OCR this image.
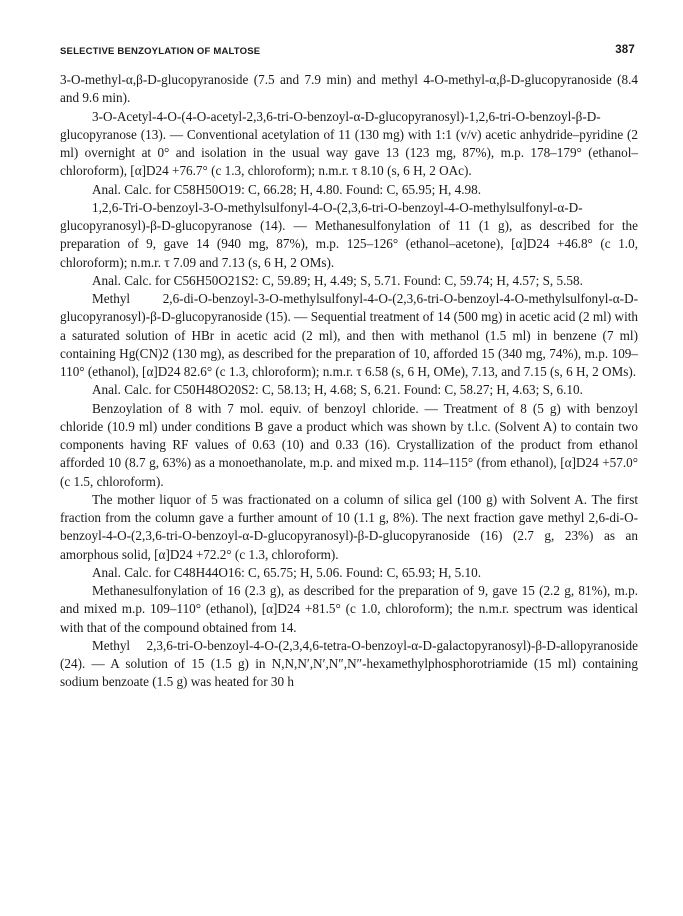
SELECTIVE BENZOYLATION OF MALTOSE	387

3-O-methyl-α,β-D-glucopyranoside (7.5 and 7.9 min) and methyl 4-O-methyl-α,β-D-glucopyranoside (8.4 and 9.6 min).

3-O-Acetyl-4-O-(4-O-acetyl-2,3,6-tri-O-benzoyl-α-D-glucopyranosyl)-1,2,6-tri-O-benzoyl-β-D-glucopyranose (13). — Conventional acetylation of 11 (130 mg) with 1:1 (v/v) acetic anhydride–pyridine (2 ml) overnight at 0° and isolation in the usual way gave 13 (123 mg, 87%), m.p. 178–179° (ethanol–chloroform), [α]D24 +76.7° (c 1.3, chloroform); n.m.r. τ 8.10 (s, 6 H, 2 OAc).

Anal. Calc. for C58H50O19: C, 66.28; H, 4.80. Found: C, 65.95; H, 4.98.

1,2,6-Tri-O-benzoyl-3-O-methylsulfonyl-4-O-(2,3,6-tri-O-benzoyl-4-O-methylsulfonyl-α-D-glucopyranosyl)-β-D-glucopyranose (14). — Methanesulfonylation of 11 (1 g), as described for the preparation of 9, gave 14 (940 mg, 87%), m.p. 125–126° (ethanol–acetone), [α]D24 +46.8° (c 1.0, chloroform); n.m.r. τ 7.09 and 7.13 (s, 6 H, 2 OMs).

Anal. Calc. for C56H50O21S2: C, 59.89; H, 4.49; S, 5.71. Found: C, 59.74; H, 4.57; S, 5.58.

Methyl 2,6-di-O-benzoyl-3-O-methylsulfonyl-4-O-(2,3,6-tri-O-benzoyl-4-O-methylsulfonyl-α-D-glucopyranosyl)-β-D-glucopyranoside (15). — Sequential treatment of 14 (500 mg) in acetic acid (2 ml) with a saturated solution of HBr in acetic acid (2 ml), and then with methanol (1.5 ml) in benzene (7 ml) containing Hg(CN)2 (130 mg), as described for the preparation of 10, afforded 15 (340 mg, 74%), m.p. 109–110° (ethanol), [α]D24 82.6° (c 1.3, chloroform); n.m.r. τ 6.58 (s, 6 H, OMe), 7.13, and 7.15 (s, 6 H, 2 OMs).

Anal. Calc. for C50H48O20S2: C, 58.13; H, 4.68; S, 6.21. Found: C, 58.27; H, 4.63; S, 6.10.

Benzoylation of 8 with 7 mol. equiv. of benzoyl chloride. — Treatment of 8 (5 g) with benzoyl chloride (10.9 ml) under conditions B gave a product which was shown by t.l.c. (Solvent A) to contain two components having RF values of 0.63 (10) and 0.33 (16). Crystallization of the product from ethanol afforded 10 (8.7 g, 63%) as a monoethanolate, m.p. and mixed m.p. 114–115° (from ethanol), [α]D24 +57.0° (c 1.5, chloroform).

The mother liquor of 5 was fractionated on a column of silica gel (100 g) with Solvent A. The first fraction from the column gave a further amount of 10 (1.1 g, 8%). The next fraction gave methyl 2,6-di-O-benzoyl-4-O-(2,3,6-tri-O-benzoyl-α-D-glucopyranosyl)-β-D-glucopyranoside (16) (2.7 g, 23%) as an amorphous solid, [α]D24 +72.2° (c 1.3, chloroform).

Anal. Calc. for C48H44O16: C, 65.75; H, 5.06. Found: C, 65.93; H, 5.10.

Methanesulfonylation of 16 (2.3 g), as described for the preparation of 9, gave 15 (2.2 g, 81%), m.p. and mixed m.p. 109–110° (ethanol), [α]D24 +81.5° (c 1.0, chloroform); the n.m.r. spectrum was identical with that of the compound obtained from 14.

Methyl 2,3,6-tri-O-benzoyl-4-O-(2,3,4,6-tetra-O-benzoyl-α-D-galactopyranosyl)-β-D-allopyranoside (24). — A solution of 15 (1.5 g) in N,N,N′,N′,N″,N″-hexamethylphosphorotriamide (15 ml) containing sodium benzoate (1.5 g) was heated for 30 h
